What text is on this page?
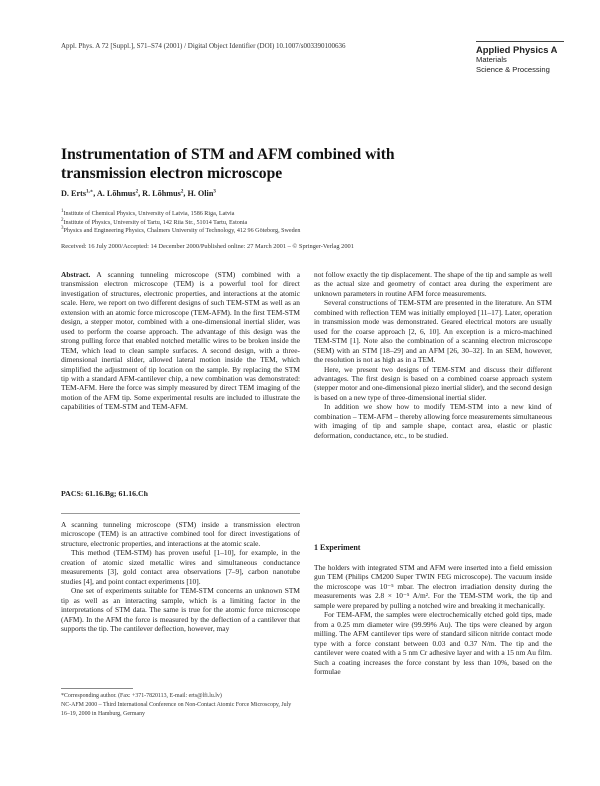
Appl. Phys. A 72 [Suppl.], S71–S74 (2001) / Digital Object Identifier (DOI) 10.1007/s003390100636	Applied Physics A
Materials
Science & Processing
Instrumentation of STM and AFM combined with transmission electron microscope
D. Erts$^{1,∗}$, A. Lõhmus$^2$, R. Lõhmus$^2$, H. Olin$^3$
$^1$Institute of Chemical Physics, University of Latvia, 1586 Riga, Latvia
$^2$Institute of Physics, University of Tartu, 142 Riia Str., 51014 Tartu, Estonia
$^3$Physics and Engineering Physics, Chalmers University of Technology, 412 96 Göteborg, Sweden
Received: 16 July 2000/Accepted: 14 December 2000/Published online: 27 March 2001 – © Springer-Verlag 2001

Abstract. A scanning tunneling microscope (STM) combined with a transmission electron microscope (TEM) is a powerful tool for direct investigation of structures, electronic properties, and interactions at the atomic scale. Here, we report on two different designs of such TEM-STM as well as an extension with an atomic force microscope (TEM-AFM). In the first TEM-STM design, a stepper motor, combined with a one-dimensional inertial slider, was used to perform the coarse approach. The advantage of this design was the strong pulling force that enabled notched metallic wires to be broken inside the TEM, which lead to clean sample surfaces. A second design, with a three-dimensional inertial slider, allowed lateral motion inside the TEM, which simplified the adjustment of tip location on the sample. By replacing the STM tip with a standard AFM-cantilever chip, a new combination was demonstrated: TEM-AFM. Here the force was simply measured by direct TEM imaging of the motion of the AFM tip. Some experimental results are included to illustrate the capabilities of TEM-STM and TEM-AFM.

PACS: 61.16.Bg; 61.16.Ch

A scanning tunneling microscope (STM) inside a transmission electron microscope (TEM) is an attractive combined tool for direct investigations of structure, electronic properties, and interactions at the atomic scale.

This method (TEM-STM) has proven useful [1–10], for example, in the creation of atomic sized metallic wires and simultaneous conductance measurements [3], gold contact area observations [7–9], carbon nanotube studies [4], and point contact experiments [10].

One set of experiments suitable for TEM-STM concerns an unknown STM tip as well as an interacting sample, which is a limiting factor in the interpretations of STM data. The same is true for the atomic force microscope (AFM). In the AFM the force is measured by the deflection of a cantilever that supports the tip. The cantilever deflection, however, may

*Corresponding author. (Fax: +371-7820113, E-mail: erts@lfi.lu.lv)
NC-AFM 2000 – Third International Conference on Non-Contact Atomic Force Microscopy, July 16–19, 2000 in Hamburg, Germany

not follow exactly the tip displacement. The shape of the tip and sample as well as the actual size and geometry of contact area during the experiment are unknown parameters in routine AFM force measurements.

Several constructions of TEM-STM are presented in the literature. An STM combined with reflection TEM was initially employed [11–17]. Later, operation in transmission mode was demonstrated. Geared electrical motors are usually used for the coarse approach [2, 6, 10]. An exception is a micro-machined TEM-STM [1]. Note also the combination of a scanning electron microscope (SEM) with an STM [18–29] and an AFM [26, 30–32]. In an SEM, however, the resolution is not as high as in a TEM.

Here, we present two designs of TEM-STM and discuss their different advantages. The first design is based on a combined coarse approach system (stepper motor and one-dimensional piezo inertial slider), and the second design is based on a new type of three-dimensional inertial slider.

In addition we show how to modify TEM-STM into a new kind of combination – TEM-AFM – thereby allowing force measurements simultaneous with imaging of tip and sample shape, contact area, elastic or plastic deformation, conductance, etc., to be studied.

1 Experiment

The holders with integrated STM and AFM were inserted into a field emission gun TEM (Philips CM200 Super TWIN FEG microscope). The vacuum inside the microscope was 10⁻⁵ mbar. The electron irradiation density during the measurements was 2.8 × 10⁻⁵ A/m². For the TEM-STM work, the tip and sample were prepared by pulling a notched wire and breaking it mechanically.

For TEM-AFM, the samples were electrochemically etched gold tips, made from a 0.25 mm diameter wire (99.99% Au). The tips were cleaned by argon milling. The AFM cantilever tips were of standard silicon nitride contact mode type with a force constant between 0.03 and 0.37 N/m. The tip and the cantilever were coated with a 5 nm Cr adhesive layer and with a 15 nm Au film. Such a coating increases the force constant by less than 10%, based on the formulae
